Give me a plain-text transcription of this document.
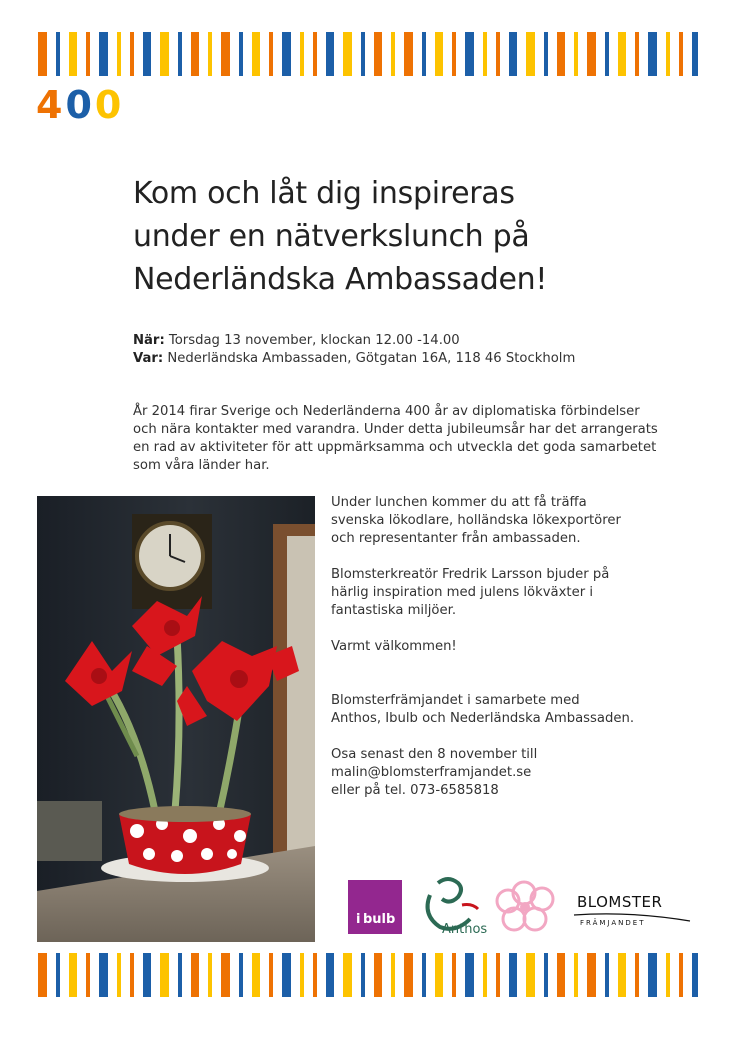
400
Kom och låt dig inspireras
under en nätverkslunch på
Nederländska Ambassaden!
När: Torsdag 13 november, klockan 12.00 -14.00
Var: Nederländska Ambassaden, Götgatan 16A, 118 46 Stockholm

År 2014 firar Sverige och Nederländerna 400 år av diplomatiska förbindelser
och nära kontakter med varandra. Under detta jubileumsår har det arrangerats
en rad av aktiviteter för att uppmärksamma och utveckla det goda samarbetet
som våra länder har.

Under lunchen kommer du att få träffa
svenska lökodlare, holländska lökexportörer
och representanter från ambassaden.

Blomsterkreatör Fredrik Larsson bjuder på
härlig inspiration med julens lökväxter i
fantastiska miljöer.

Varmt välkommen!

Blomsterfrämjandet i samarbete med
Anthos, Ibulb och Nederländska Ambassaden.

Osa senast den 8 november till
malin@blomsterframjandet.se
eller på tel. 073-6585818

i bulb
Anthos
BLOMSTER
FRÄMJANDET
